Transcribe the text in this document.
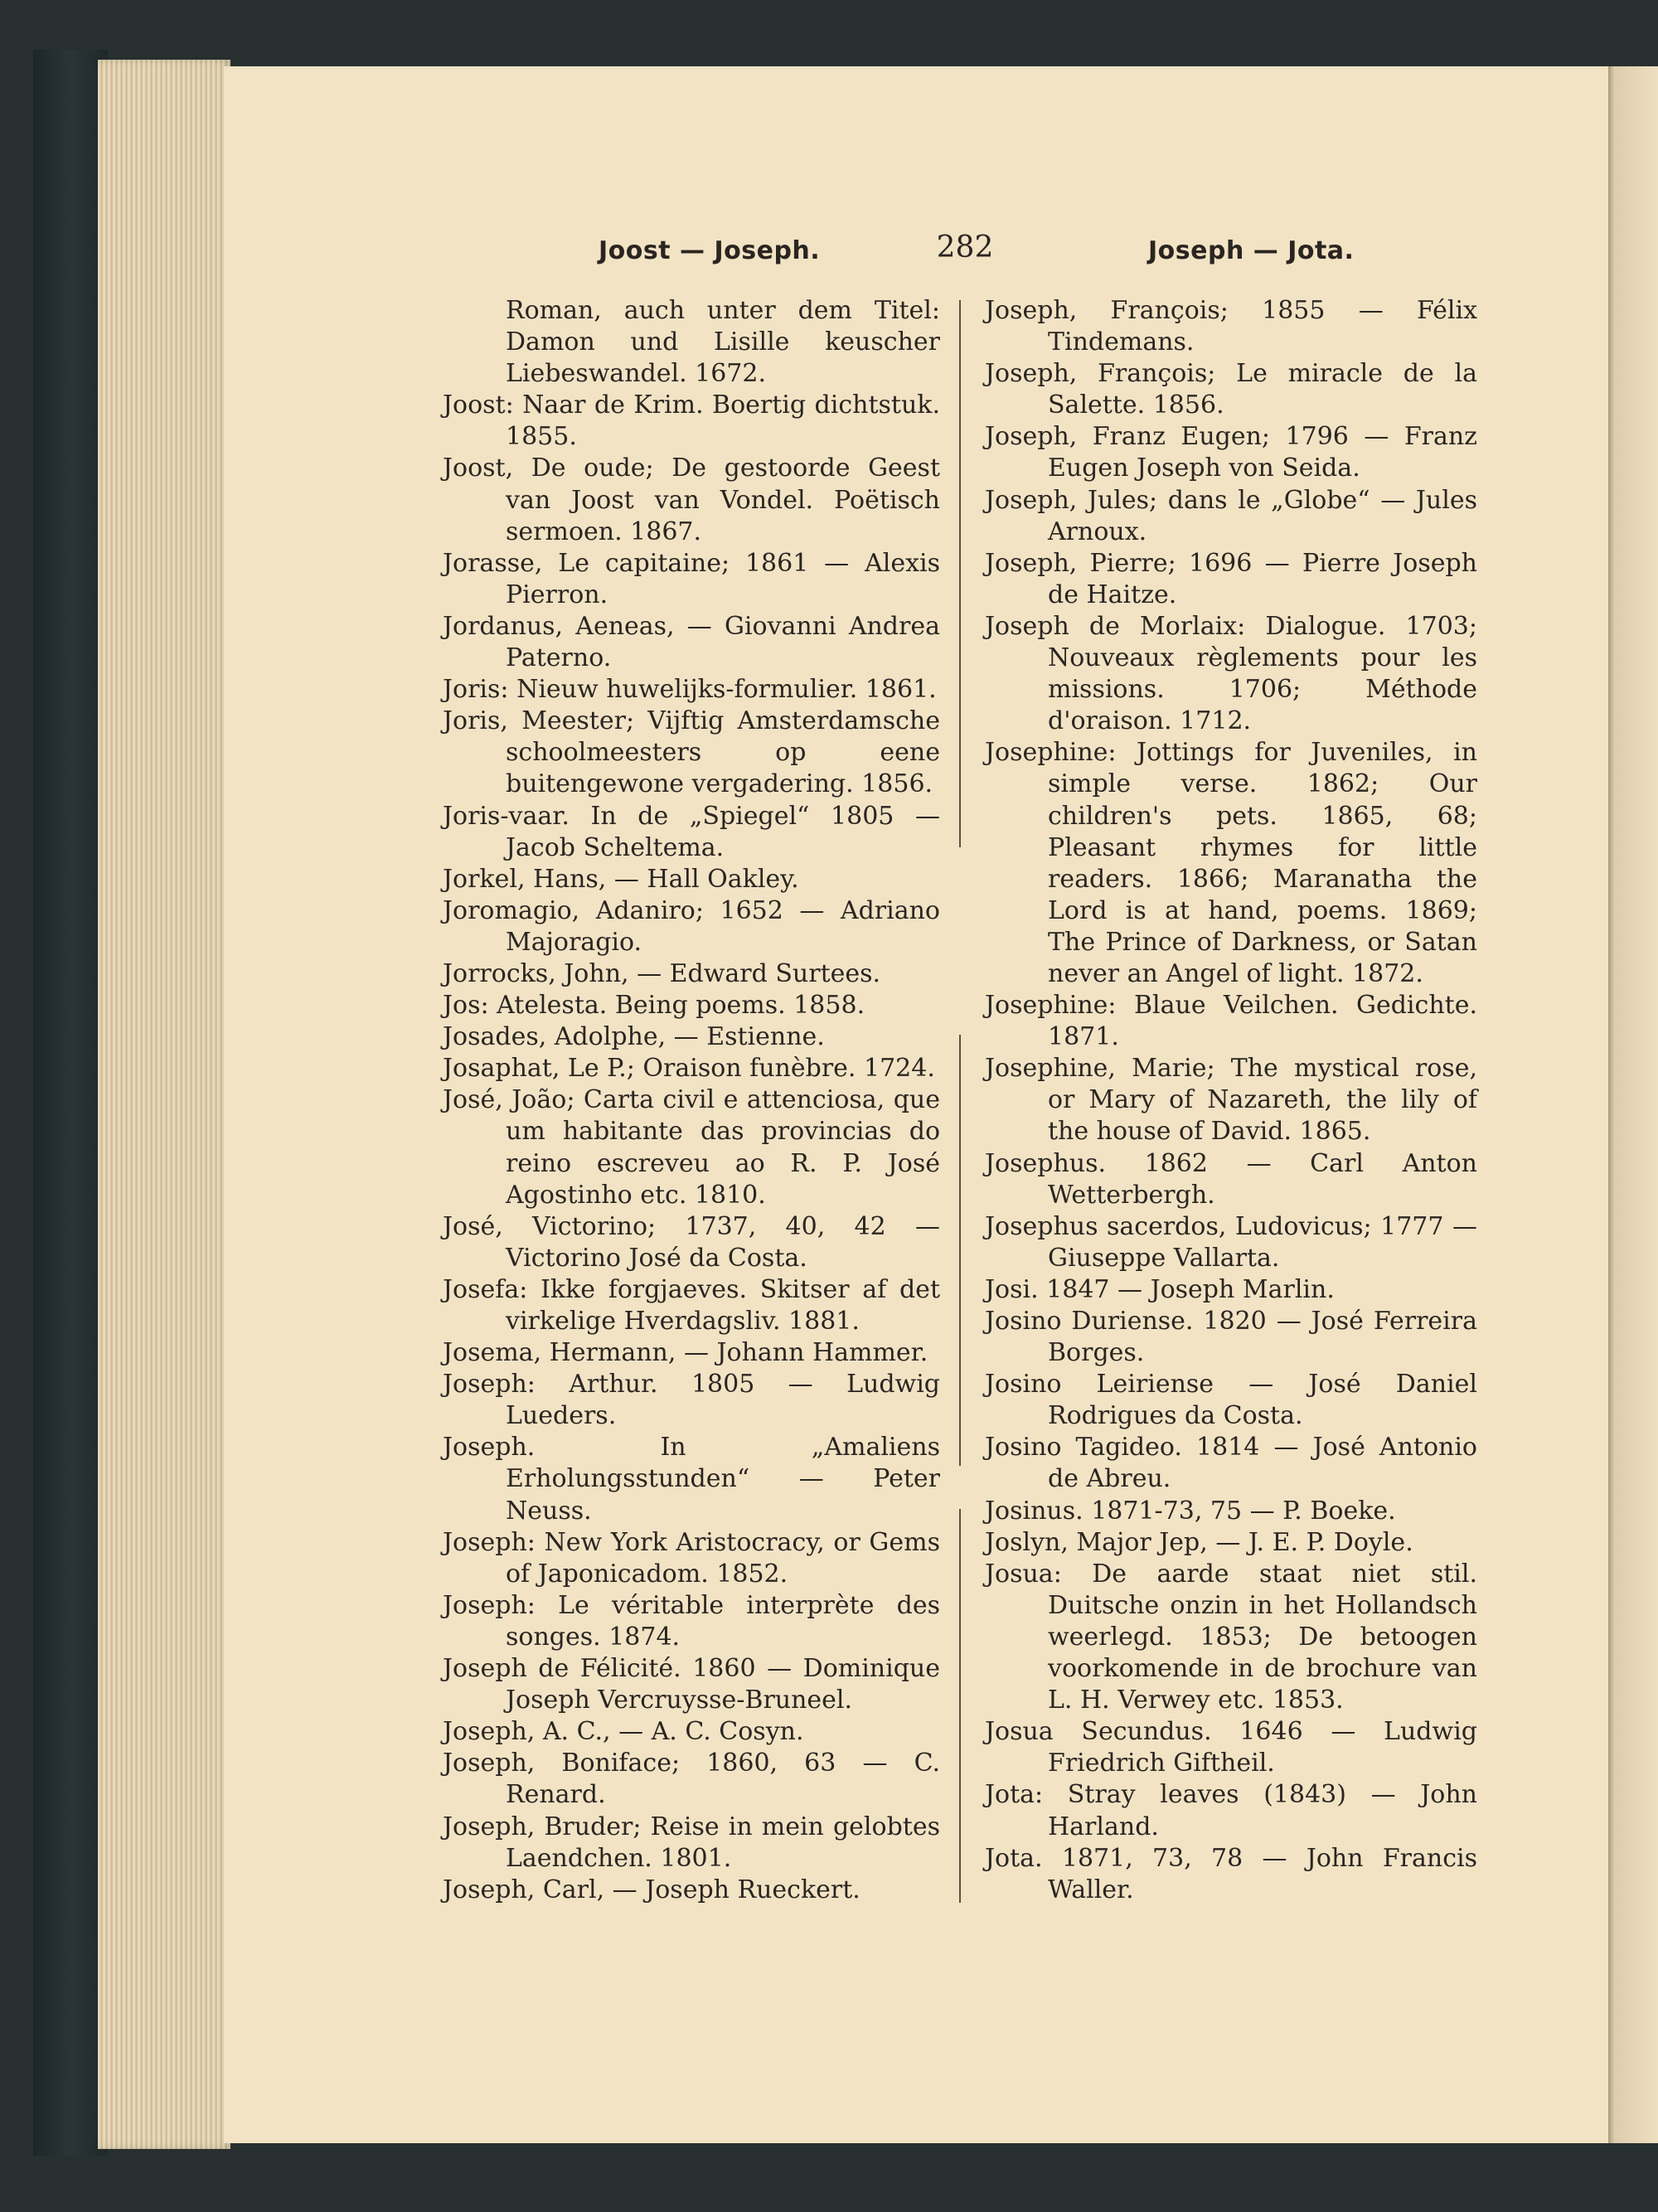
Joost — Joseph.	282	Joseph — Jota.

Roman, auch unter dem Titel: Damon und Lisille keuscher Liebeswandel. 1672.

Joost: Naar de Krim. Boertig dichtstuk. 1855.

Joost, De oude; De gestoorde Geest van Joost van Vondel. Poëtisch sermoen. 1867.

Jorasse, Le capitaine; 1861 — Alexis Pierron.

Jordanus, Aeneas, — Giovanni Andrea Paterno.

Joris: Nieuw huwelijks-formulier. 1861.

Joris, Meester; Vijftig Amsterdamsche schoolmeesters op eene buitengewone vergadering. 1856.

Joris-vaar. In de „Spiegel“ 1805 — Jacob Scheltema.

Jorkel, Hans, — Hall Oakley.

Joromagio, Adaniro; 1652 — Adriano Majoragio.

Jorrocks, John, — Edward Surtees.

Jos: Atelesta. Being poems. 1858.

Josades, Adolphe, — Estienne.

Josaphat, Le P.; Oraison funèbre. 1724.

José, João; Carta civil e attenciosa, que um habitante das provincias do reino escreveu ao R. P. José Agostinho etc. 1810.

José, Victorino; 1737, 40, 42 — Victorino José da Costa.

Josefa: Ikke forgjaeves. Skitser af det virkelige Hverdagsliv. 1881.

Josema, Hermann, — Johann Hammer.

Joseph: Arthur. 1805 — Ludwig Lueders.

Joseph. In „Amaliens Erholungsstunden“ — Peter Neuss.

Joseph: New York Aristocracy, or Gems of Japonicadom. 1852.

Joseph: Le véritable interprète des songes. 1874.

Joseph de Félicité. 1860 — Dominique Joseph Vercruysse-Bruneel.

Joseph, A. C., — A. C. Cosyn.

Joseph, Boniface; 1860, 63 — C. Renard.

Joseph, Bruder; Reise in mein gelobtes Laendchen. 1801.

Joseph, Carl, — Joseph Rueckert.

Joseph, François; 1855 — Félix Tindemans.

Joseph, François; Le miracle de la Salette. 1856.

Joseph, Franz Eugen; 1796 — Franz Eugen Joseph von Seida.

Joseph, Jules; dans le „Globe“ — Jules Arnoux.

Joseph, Pierre; 1696 — Pierre Joseph de Haitze.

Joseph de Morlaix: Dialogue. 1703; Nouveaux règlements pour les missions. 1706; Méthode d'oraison. 1712.

Josephine: Jottings for Juveniles, in simple verse. 1862; Our children's pets. 1865, 68; Pleasant rhymes for little readers. 1866; Maranatha the Lord is at hand, poems. 1869; The Prince of Darkness, or Satan never an Angel of light. 1872.

Josephine: Blaue Veilchen. Gedichte. 1871.

Josephine, Marie; The mystical rose, or Mary of Nazareth, the lily of the house of David. 1865.

Josephus. 1862 — Carl Anton Wetterbergh.

Josephus sacerdos, Ludovicus; 1777 — Giuseppe Vallarta.

Josi. 1847 — Joseph Marlin.

Josino Duriense. 1820 — José Ferreira Borges.

Josino Leiriense — José Daniel Rodrigues da Costa.

Josino Tagideo. 1814 — José Antonio de Abreu.

Josinus. 1871-73, 75 — P. Boeke.

Joslyn, Major Jep, — J. E. P. Doyle.

Josua: De aarde staat niet stil. Duitsche onzin in het Hollandsch weerlegd. 1853; De betoogen voorkomende in de brochure van L. H. Verwey etc. 1853.

Josua Secundus. 1646 — Ludwig Friedrich Giftheil.

Jota: Stray leaves (1843) — John Harland.

Jota. 1871, 73, 78 — John Francis Waller.
